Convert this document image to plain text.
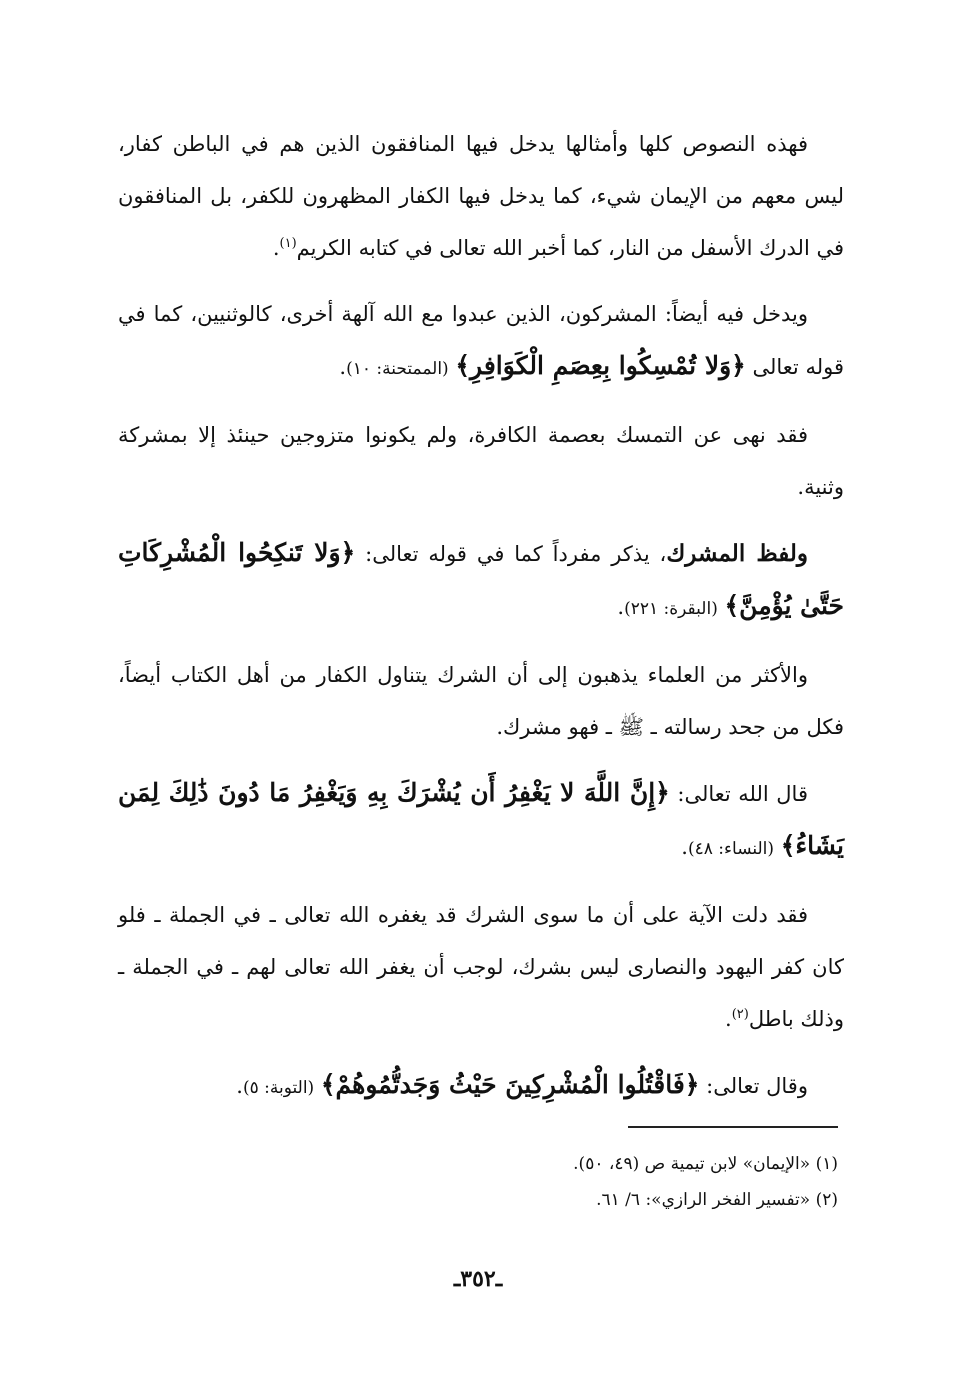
فهذه النصوص كلها وأمثالها يدخل فيها المنافقون الذين هم في الباطن كفار، ليس معهم من الإيمان شيء، كما يدخل فيها الكفار المظهرون للكفر، بل المنافقون في الدرك الأسفل من النار، كما أخبر الله تعالى في كتابه الكريم$^{(١)}$.

ويدخل فيه أيضاً: المشركون، الذين عبدوا مع الله آلهة أخرى، كالوثنيين، كما في قوله تعالى ﴿وَلا تُمْسِكُوا بِعِصَمِ الْكَوَافِرِ﴾ (الممتحنة: ١٠).

فقد نهى عن التمسك بعصمة الكافرة، ولم يكونوا متزوجين حينئذ إلا بمشركة وثنية.

ولفظ المشرك، يذكر مفرداً كما في قوله تعالى: ﴿وَلا تَنكِحُوا الْمُشْرِكَاتِ حَتَّىٰ يُؤْمِنَّ﴾ (البقرة: ٢٢١).

والأكثر من العلماء يذهبون إلى أن الشرك يتناول الكفار من أهل الكتاب أيضاً، فكل من جحد رسالته ـ ﷺ ـ فهو مشرك.

قال الله تعالى: ﴿إِنَّ اللَّهَ لا يَغْفِرُ أَن يُشْرَكَ بِهِ وَيَغْفِرُ مَا دُونَ ذَٰلِكَ لِمَن يَشَاءُ﴾ (النساء: ٤٨).

فقد دلت الآية على أن ما سوى الشرك قد يغفره الله تعالى ـ في الجملة ـ فلو كان كفر اليهود والنصارى ليس بشرك، لوجب أن يغفر الله تعالى لهم ـ في الجملة ـ وذلك باطل$^{(٢)}$.

وقال تعالى: ﴿فَاقْتُلُوا الْمُشْرِكِينَ حَيْثُ وَجَدتُّمُوهُمْ﴾ (التوبة: ٥).

(١) «الإيمان» لابن تيمية ص (٤٩، ٥٠).

(٢) «تفسير الفخر الرازي»: ٦/ ٦١.

ـ٣٥٢ـ
